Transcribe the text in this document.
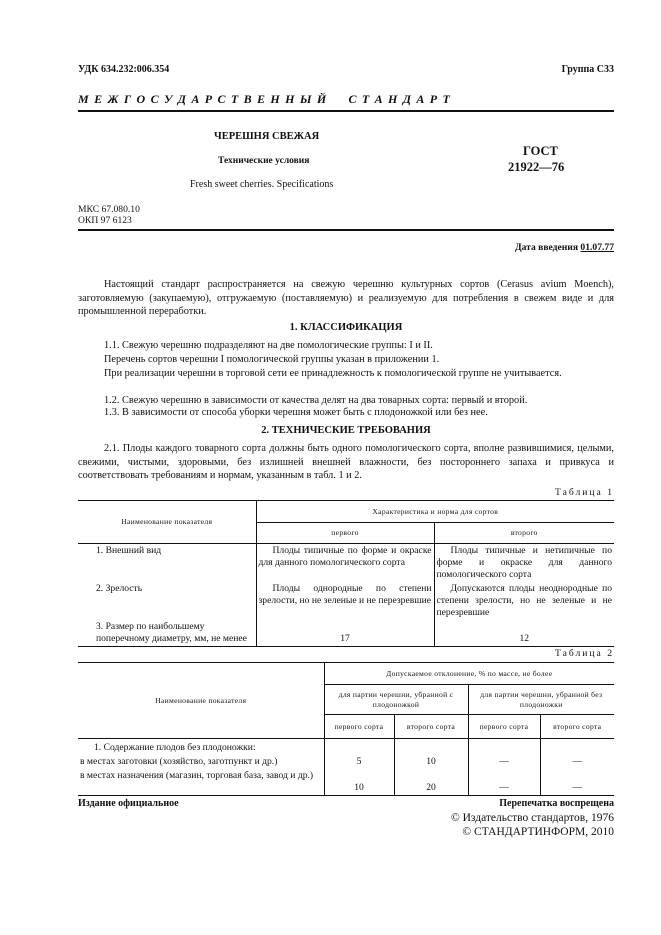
УДК 634.232:006.354	Группа С33
М Е Ж Г О С У Д А Р С Т В Е Н Н Ы Й     С Т А Н Д А Р Т
ЧЕРЕШНЯ СВЕЖАЯ
Технические условия
Fresh sweet cherries. Specifications
ГОСТ
21922—76
МКС 67.080.10
ОКП 97 6123
Дата введения 01.07.77
Настоящий стандарт распространяется на свежую черешню культурных сортов (Cerasus avium Moench), заготовляемую (закупаемую), отгружаемую (поставляемую) и реализуемую для потребления в свежем виде и для промышленной переработки.
1. КЛАССИФИКАЦИЯ
1.1. Свежую черешню подразделяют на две помологические группы: I и II.
Перечень сортов черешни I помологической группы указан в приложении 1.
При реализации черешни в торговой сети ее принадлежность к помологической группе не учитывается.
1.2. Свежую черешню в зависимости от качества делят на два товарных сорта: первый и второй.
1.3. В зависимости от способа уборки черешня может быть с плодоножкой или без нее.
2. ТЕХНИЧЕСКИЕ ТРЕБОВАНИЯ
2.1. Плоды каждого товарного сорта должны быть одного помологического сорта, вполне развившимися, целыми, свежими, чистыми, здоровыми, без излишней внешней влажности, без постороннего запаха и привкуса и соответствовать требованиям и нормам, указанным в табл. 1 и 2.
Таблица 1
Наименование показателя	Характеристика и норма для сортов	
	первого	второго
1. Внешний вид	Плоды типичные по форме и окраске для данного помологического сорта	Плоды типичные и нетипичные по форме и окраске для данного помологического сорта
2. Зрелость	Плоды однородные по степени зрелости, но не зеленые и не перезревшие	Допускаются плоды неоднородные по степени зрелости, но не зеленые и не перезревшие
3. Размер по наибольшему поперечному диаметру, мм, не менее	17	12
Таблица 2
Наименование показателя	Допускаемое отклонение, % по массе, не более			
	для партии черешни, убранной с плодоножкой		для партии черешни, убранной без плодоножки	
	первого сорта	второго сорта	первого сорта	второго сорта
1. Содержание плодов без плодоножки:				
в местах заготовки (хозяйство, заготпункт и др.)	5	10	—	—
в местах назначения (магазин, торговая база, завод и др.)	10	20	—	—
Издание официальное	Перепечатка воспрещена
© Издательство стандартов, 1976
© СТАНДАРТИНФОРМ, 2010
